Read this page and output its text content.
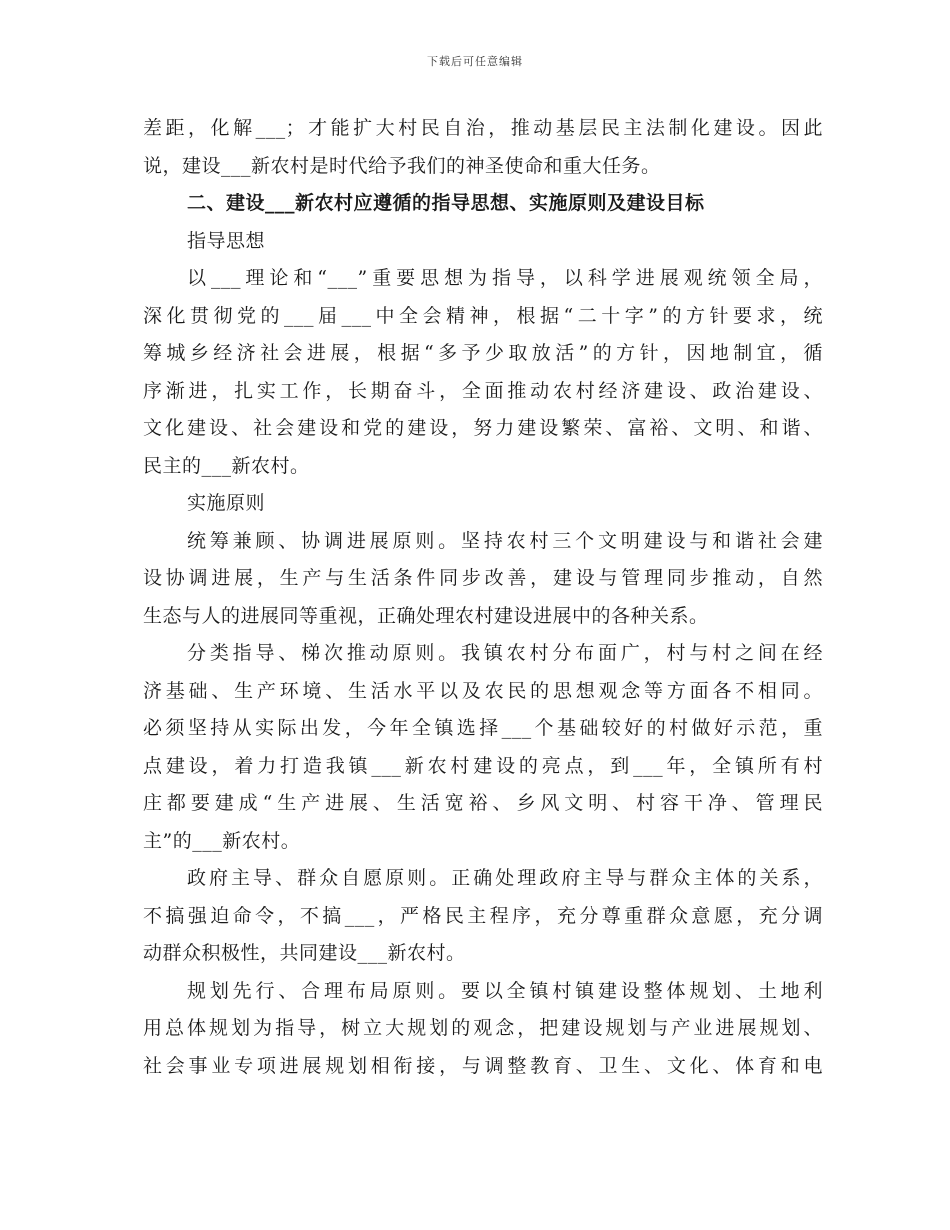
下载后可任意编辑

差距，化解___；才能扩大村民自治，推动基层民主法制化建设。因此

说，建设___新农村是时代给予我们的神圣使命和重大任务。

二、建设___新农村应遵循的指导思想、实施原则及建设目标

指导思想

以___理论和“___”重要思想为指导，以科学进展观统领全局，

深化贯彻党的___届___中全会精神，根据“二十字”的方针要求，统

筹城乡经济社会进展，根据“多予少取放活”的方针，因地制宜，循

序渐进，扎实工作，长期奋斗，全面推动农村经济建设、政治建设、

文化建设、社会建设和党的建设，努力建设繁荣、富裕、文明、和谐、

民主的___新农村。

实施原则

统筹兼顾、协调进展原则。坚持农村三个文明建设与和谐社会建

设协调进展，生产与生活条件同步改善，建设与管理同步推动，自然

生态与人的进展同等重视，正确处理农村建设进展中的各种关系。

分类指导、梯次推动原则。我镇农村分布面广，村与村之间在经

济基础、生产环境、生活水平以及农民的思想观念等方面各不相同。

必须坚持从实际出发，今年全镇选择___个基础较好的村做好示范，重

点建设，着力打造我镇___新农村建设的亮点，到___年，全镇所有村

庄都要建成“生产进展、生活宽裕、乡风文明、村容干净、管理民

主”的___新农村。

政府主导、群众自愿原则。正确处理政府主导与群众主体的关系，

不搞强迫命令，不搞___，严格民主程序，充分尊重群众意愿，充分调

动群众积极性，共同建设___新农村。

规划先行、合理布局原则。要以全镇村镇建设整体规划、土地利

用总体规划为指导，树立大规划的观念，把建设规划与产业进展规划、

社会事业专项进展规划相衔接，与调整教育、卫生、文化、体育和电
